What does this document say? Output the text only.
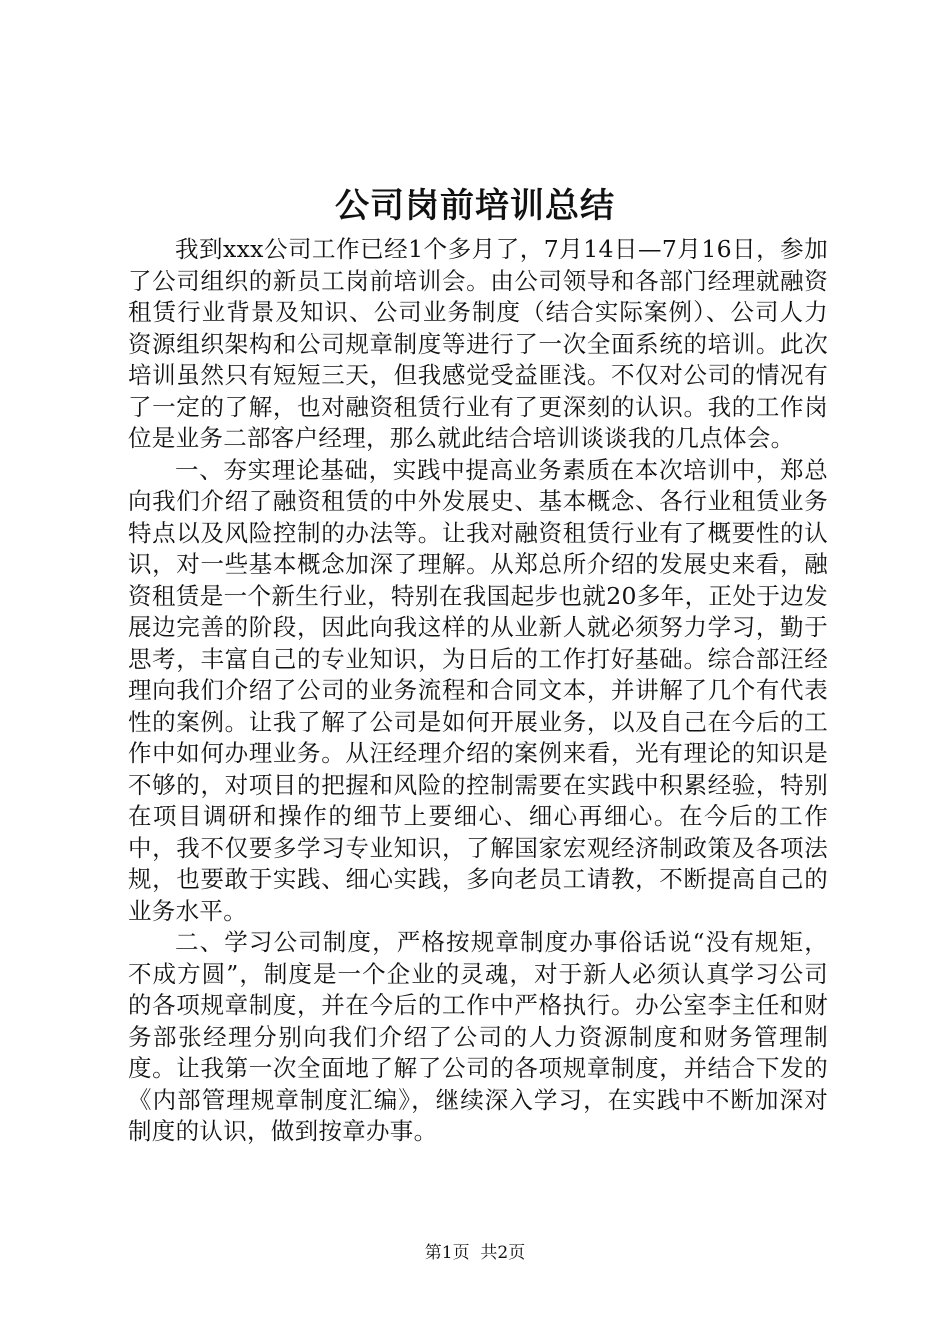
公司岗前培训总结

我到xxx公司工作已经1个多月了，7月14日—7月16日，参加了公司组织的新员工岗前培训会。由公司领导和各部门经理就融资租赁行业背景及知识、公司业务制度（结合实际案例）、公司人力资源组织架构和公司规章制度等进行了一次全面系统的培训。此次培训虽然只有短短三天，但我感觉受益匪浅。不仅对公司的情况有了一定的了解，也对融资租赁行业有了更深刻的认识。我的工作岗位是业务二部客户经理，那么就此结合培训谈谈我的几点体会。

一、夯实理论基础，实践中提高业务素质在本次培训中，郑总向我们介绍了融资租赁的中外发展史、基本概念、各行业租赁业务特点以及风险控制的办法等。让我对融资租赁行业有了概要性的认识，对一些基本概念加深了理解。从郑总所介绍的发展史来看，融资租赁是一个新生行业，特别在我国起步也就20多年，正处于边发展边完善的阶段，因此向我这样的从业新人就必须努力学习，勤于思考，丰富自己的专业知识，为日后的工作打好基础。综合部汪经理向我们介绍了公司的业务流程和合同文本，并讲解了几个有代表性的案例。让我了解了公司是如何开展业务，以及自己在今后的工作中如何办理业务。从汪经理介绍的案例来看，光有理论的知识是不够的，对项目的把握和风险的控制需要在实践中积累经验，特别在项目调研和操作的细节上要细心、细心再细心。在今后的工作中，我不仅要多学习专业知识，了解国家宏观经济制政策及各项法规，也要敢于实践、细心实践，多向老员工请教，不断提高自己的业务水平。

二、学习公司制度，严格按规章制度办事俗话说“没有规矩，不成方圆”，制度是一个企业的灵魂，对于新人必须认真学习公司的各项规章制度，并在今后的工作中严格执行。办公室李主任和财务部张经理分别向我们介绍了公司的人力资源制度和财务管理制度。让我第一次全面地了解了公司的各项规章制度，并结合下发的《内部管理规章制度汇编》，继续深入学习，在实践中不断加深对制度的认识，做到按章办事。

第1页 共2页
